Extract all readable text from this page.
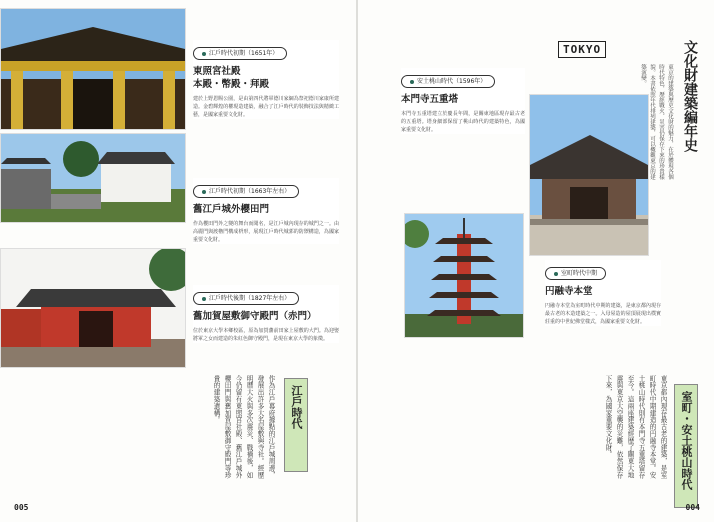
江戶時代初期（1651年）
東照宮社殿
本殿・幣殿・拜殿
建於上野恩賜公園，是由第四代將軍德川家綱為祭祀德川家康所建造。金碧輝煌的權現造建築，融合了江戶時代的裝飾技法與精緻工藝，是國家重要文化財。
江戶時代初期（1663年左右）
舊江戶城外櫻田門
作為櫻田門外之變的舞台而聞名，是江戶城內現存的城門之一。由高麗門與渡櫓門構成枡形，展現江戶時代城郭的防禦構造，為國家重要文化財。
江戶時代後期（1827年左右）
舊加賀屋敷御守殿門（赤門）
位於東京大學本鄉校區，原為加賀藩前田家上屋敷的大門。為迎娶將軍之女而建造的朱紅色御守殿門，是現在東京大學的象徵。
江戶時代
作為江戶幕府據點的江戶城周邊，發展出許多大名屋敷與寺社。經歷明曆大火與多次震災、戰禍後，如今仍留有東照宮社殿、舊江戶城外櫻田門與舊加賀屋敷御守殿門等珍貴的建築遺構。
005
TOKYO	文化財建築編年史
東京的建築與歷史文化財的魅力，在於體現各個時代特色，歷經戰火、災害仍保存下來的珍貴樣貌。本書依照年代排列建築，可以概觀東京的建築演變。
安土桃山時代（1596年）
本門寺五重塔
本門寺五重塔建立於慶長年間，是關東地區現存最古老的五重塔。塔身細部保留了桃山時代的建築特色，為國家重要文化財。
室町時代中期
円融寺本堂
円融寺本堂為室町時代中期的建築，是東京都內現存最古老的木造建築之一。入母屋造的屋頂展現出樸實莊重的中世紀佛堂樣式，為國家重要文化財。
室町・安土桃山時代
東京都內現存最古老的建築，是室町時代中期建造的円融寺本堂。安土桃山時代則有本門寺五重塔留存至今。這兩座建築經歷了關東大地震與東京大空襲的災難，依然保存下來，為國家重要文化財。
004
